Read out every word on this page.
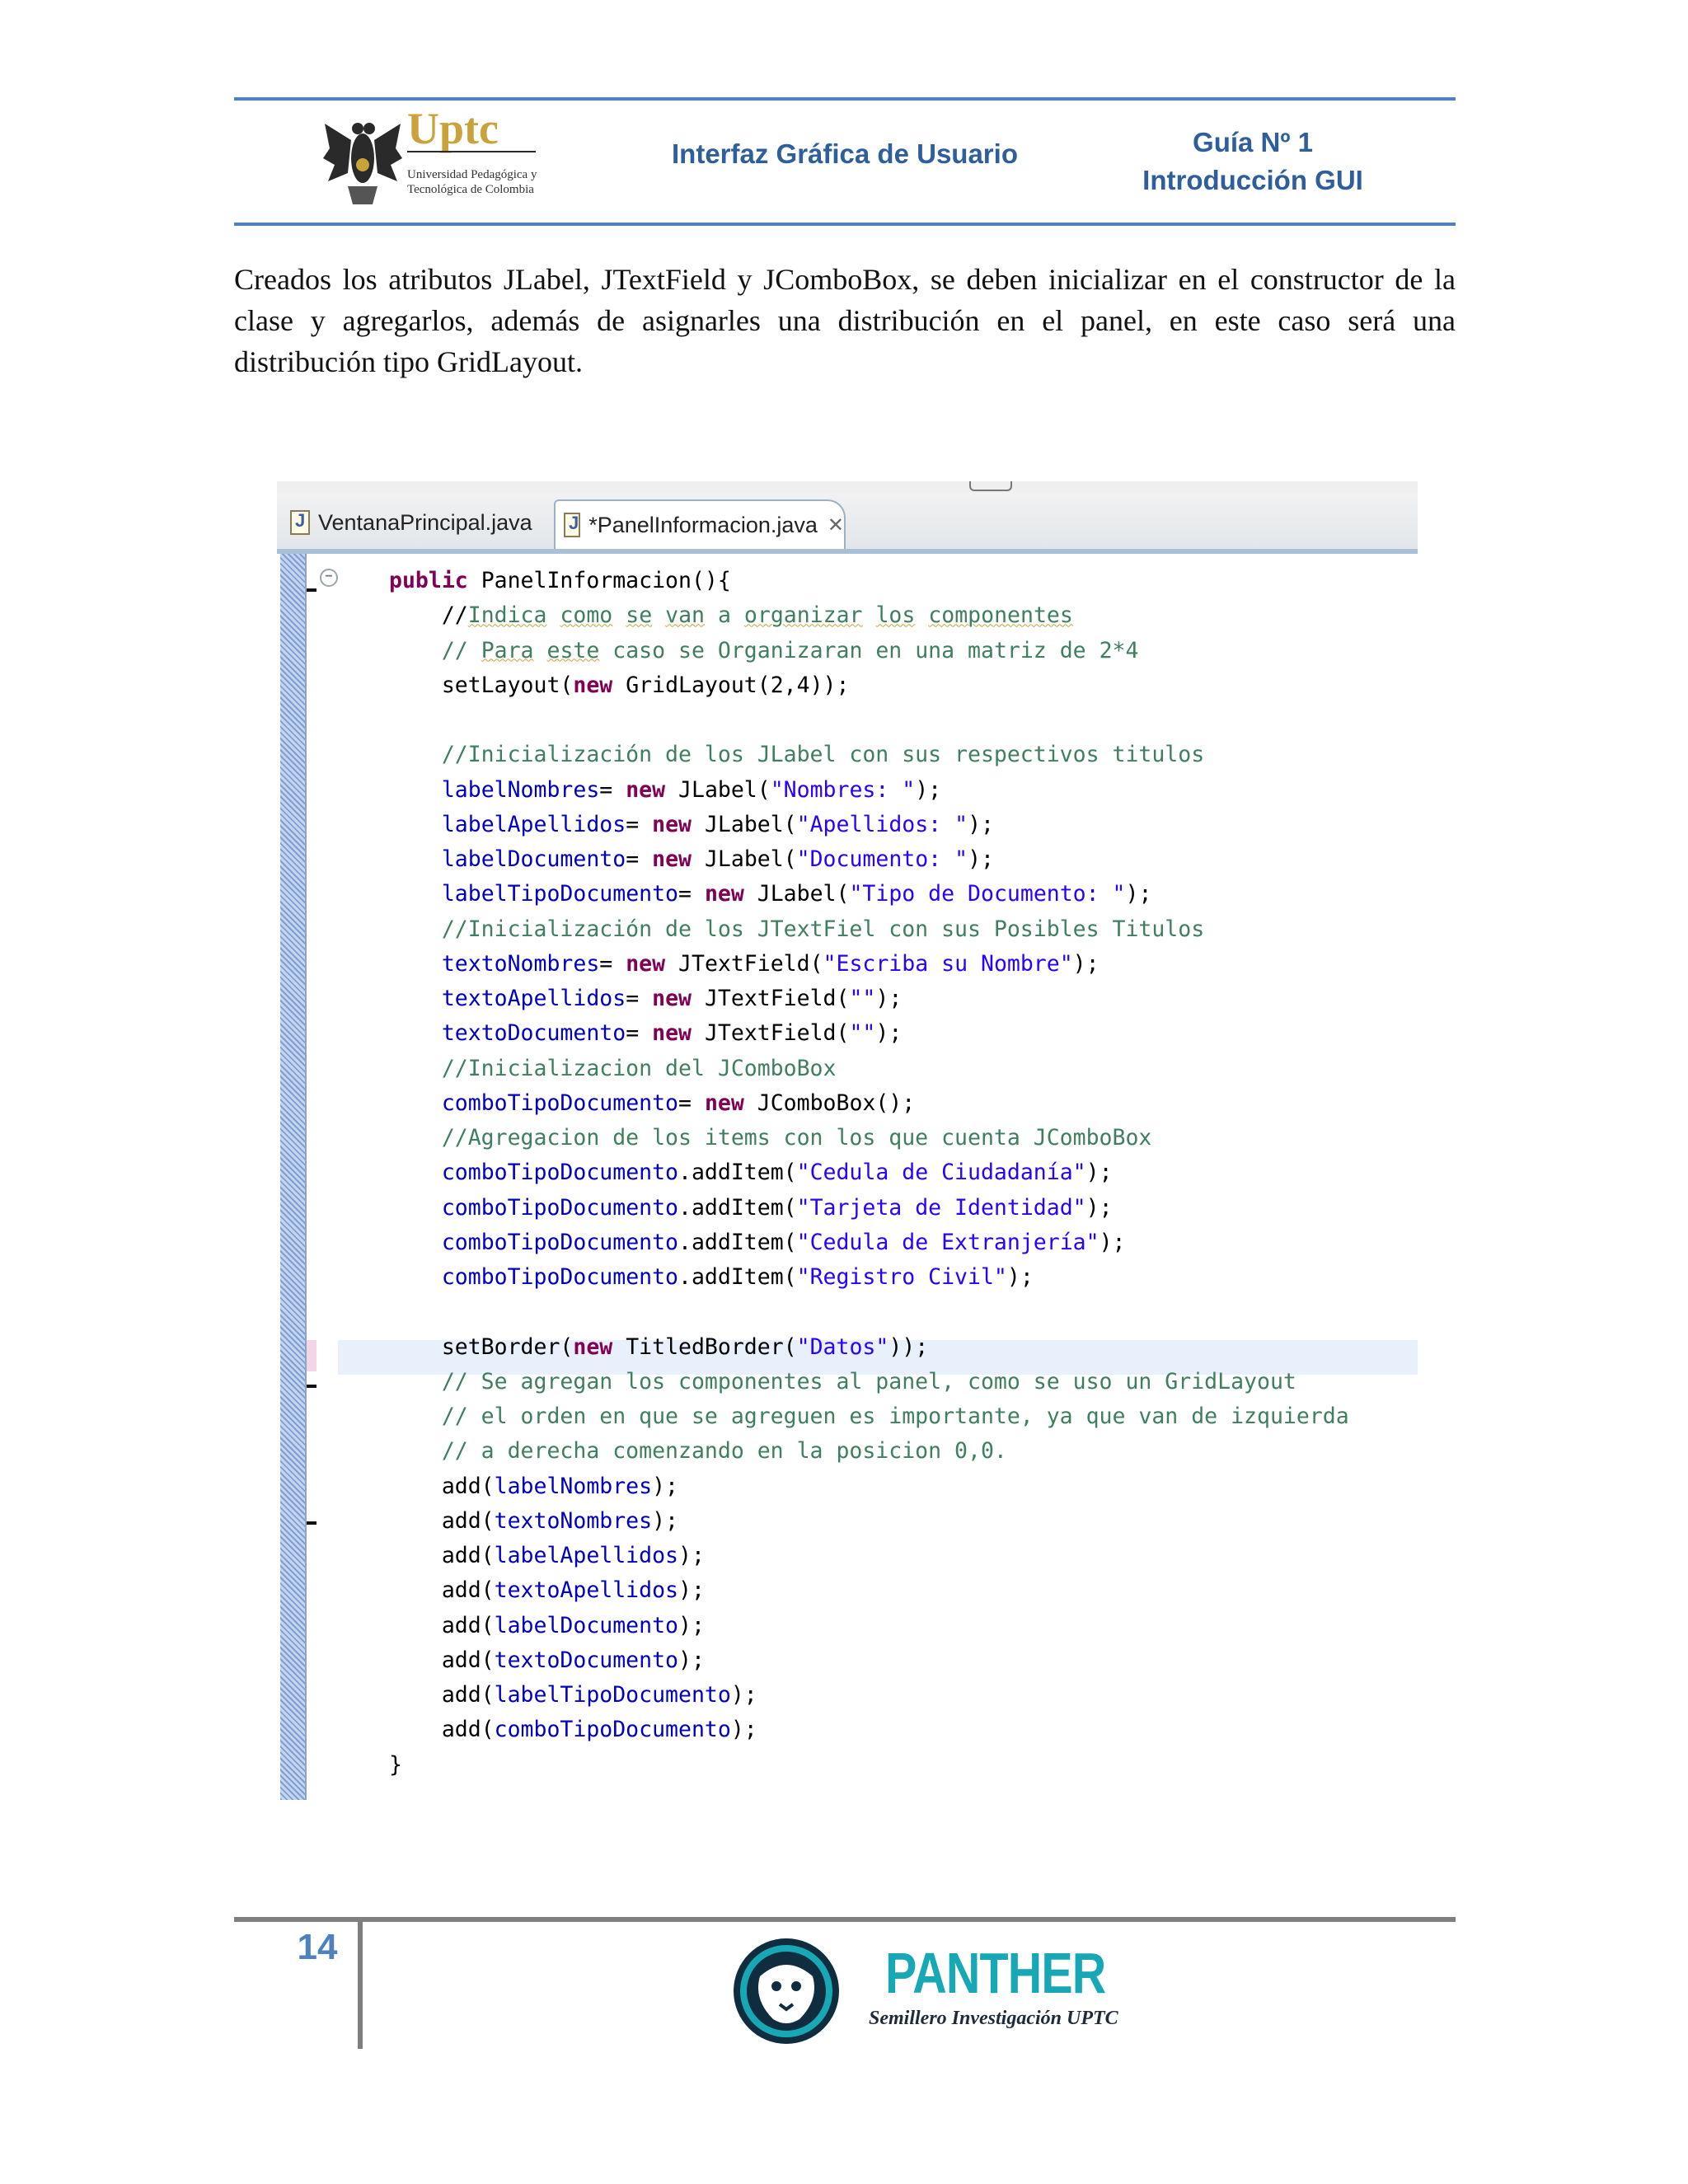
Uptc
Universidad Pedagógica y
Tecnológica de Colombia
Interfaz Gráfica de Usuario	Guía Nº 1
Introducción GUI
Creados los atributos JLabel, JTextField y JComboBox, se deben inicializar en el constructor de la clase y agregarlos, además de asignarles una distribución en el panel, en este caso será una distribución tipo GridLayout.
J
VentanaPrincipal.java
J	*PanelInformacion.java ✕
−	public PanelInformacion(){
//Indica como se van a organizar los componentes
// Para este caso se Organizaran en una matriz de 2*4
setLayout(new GridLayout(2,4));
//Inicialización de los JLabel con sus respectivos titulos
labelNombres= new JLabel("Nombres: ");
labelApellidos= new JLabel("Apellidos: ");
labelDocumento= new JLabel("Documento: ");
labelTipoDocumento= new JLabel("Tipo de Documento: ");
//Inicialización de los JTextFiel con sus Posibles Titulos
textoNombres= new JTextField("Escriba su Nombre");
textoApellidos= new JTextField("");
textoDocumento= new JTextField("");
//Inicializacion del JComboBox
comboTipoDocumento= new JComboBox();
//Agregacion de los items con los que cuenta JComboBox
comboTipoDocumento.addItem("Cedula de Ciudadanía");
comboTipoDocumento.addItem("Tarjeta de Identidad");
comboTipoDocumento.addItem("Cedula de Extranjería");
comboTipoDocumento.addItem("Registro Civil");
setBorder(new TitledBorder("Datos"));
// Se agregan los componentes al panel, como se uso un GridLayout
// el orden en que se agreguen es importante, ya que van de izquierda
// a derecha comenzando en la posicion 0,0.
add(labelNombres);
add(textoNombres);
add(labelApellidos);
add(textoApellidos);
add(labelDocumento);
add(textoDocumento);
add(labelTipoDocumento);
add(comboTipoDocumento);
}
14	PANTHER
Semillero Investigación UPTC
